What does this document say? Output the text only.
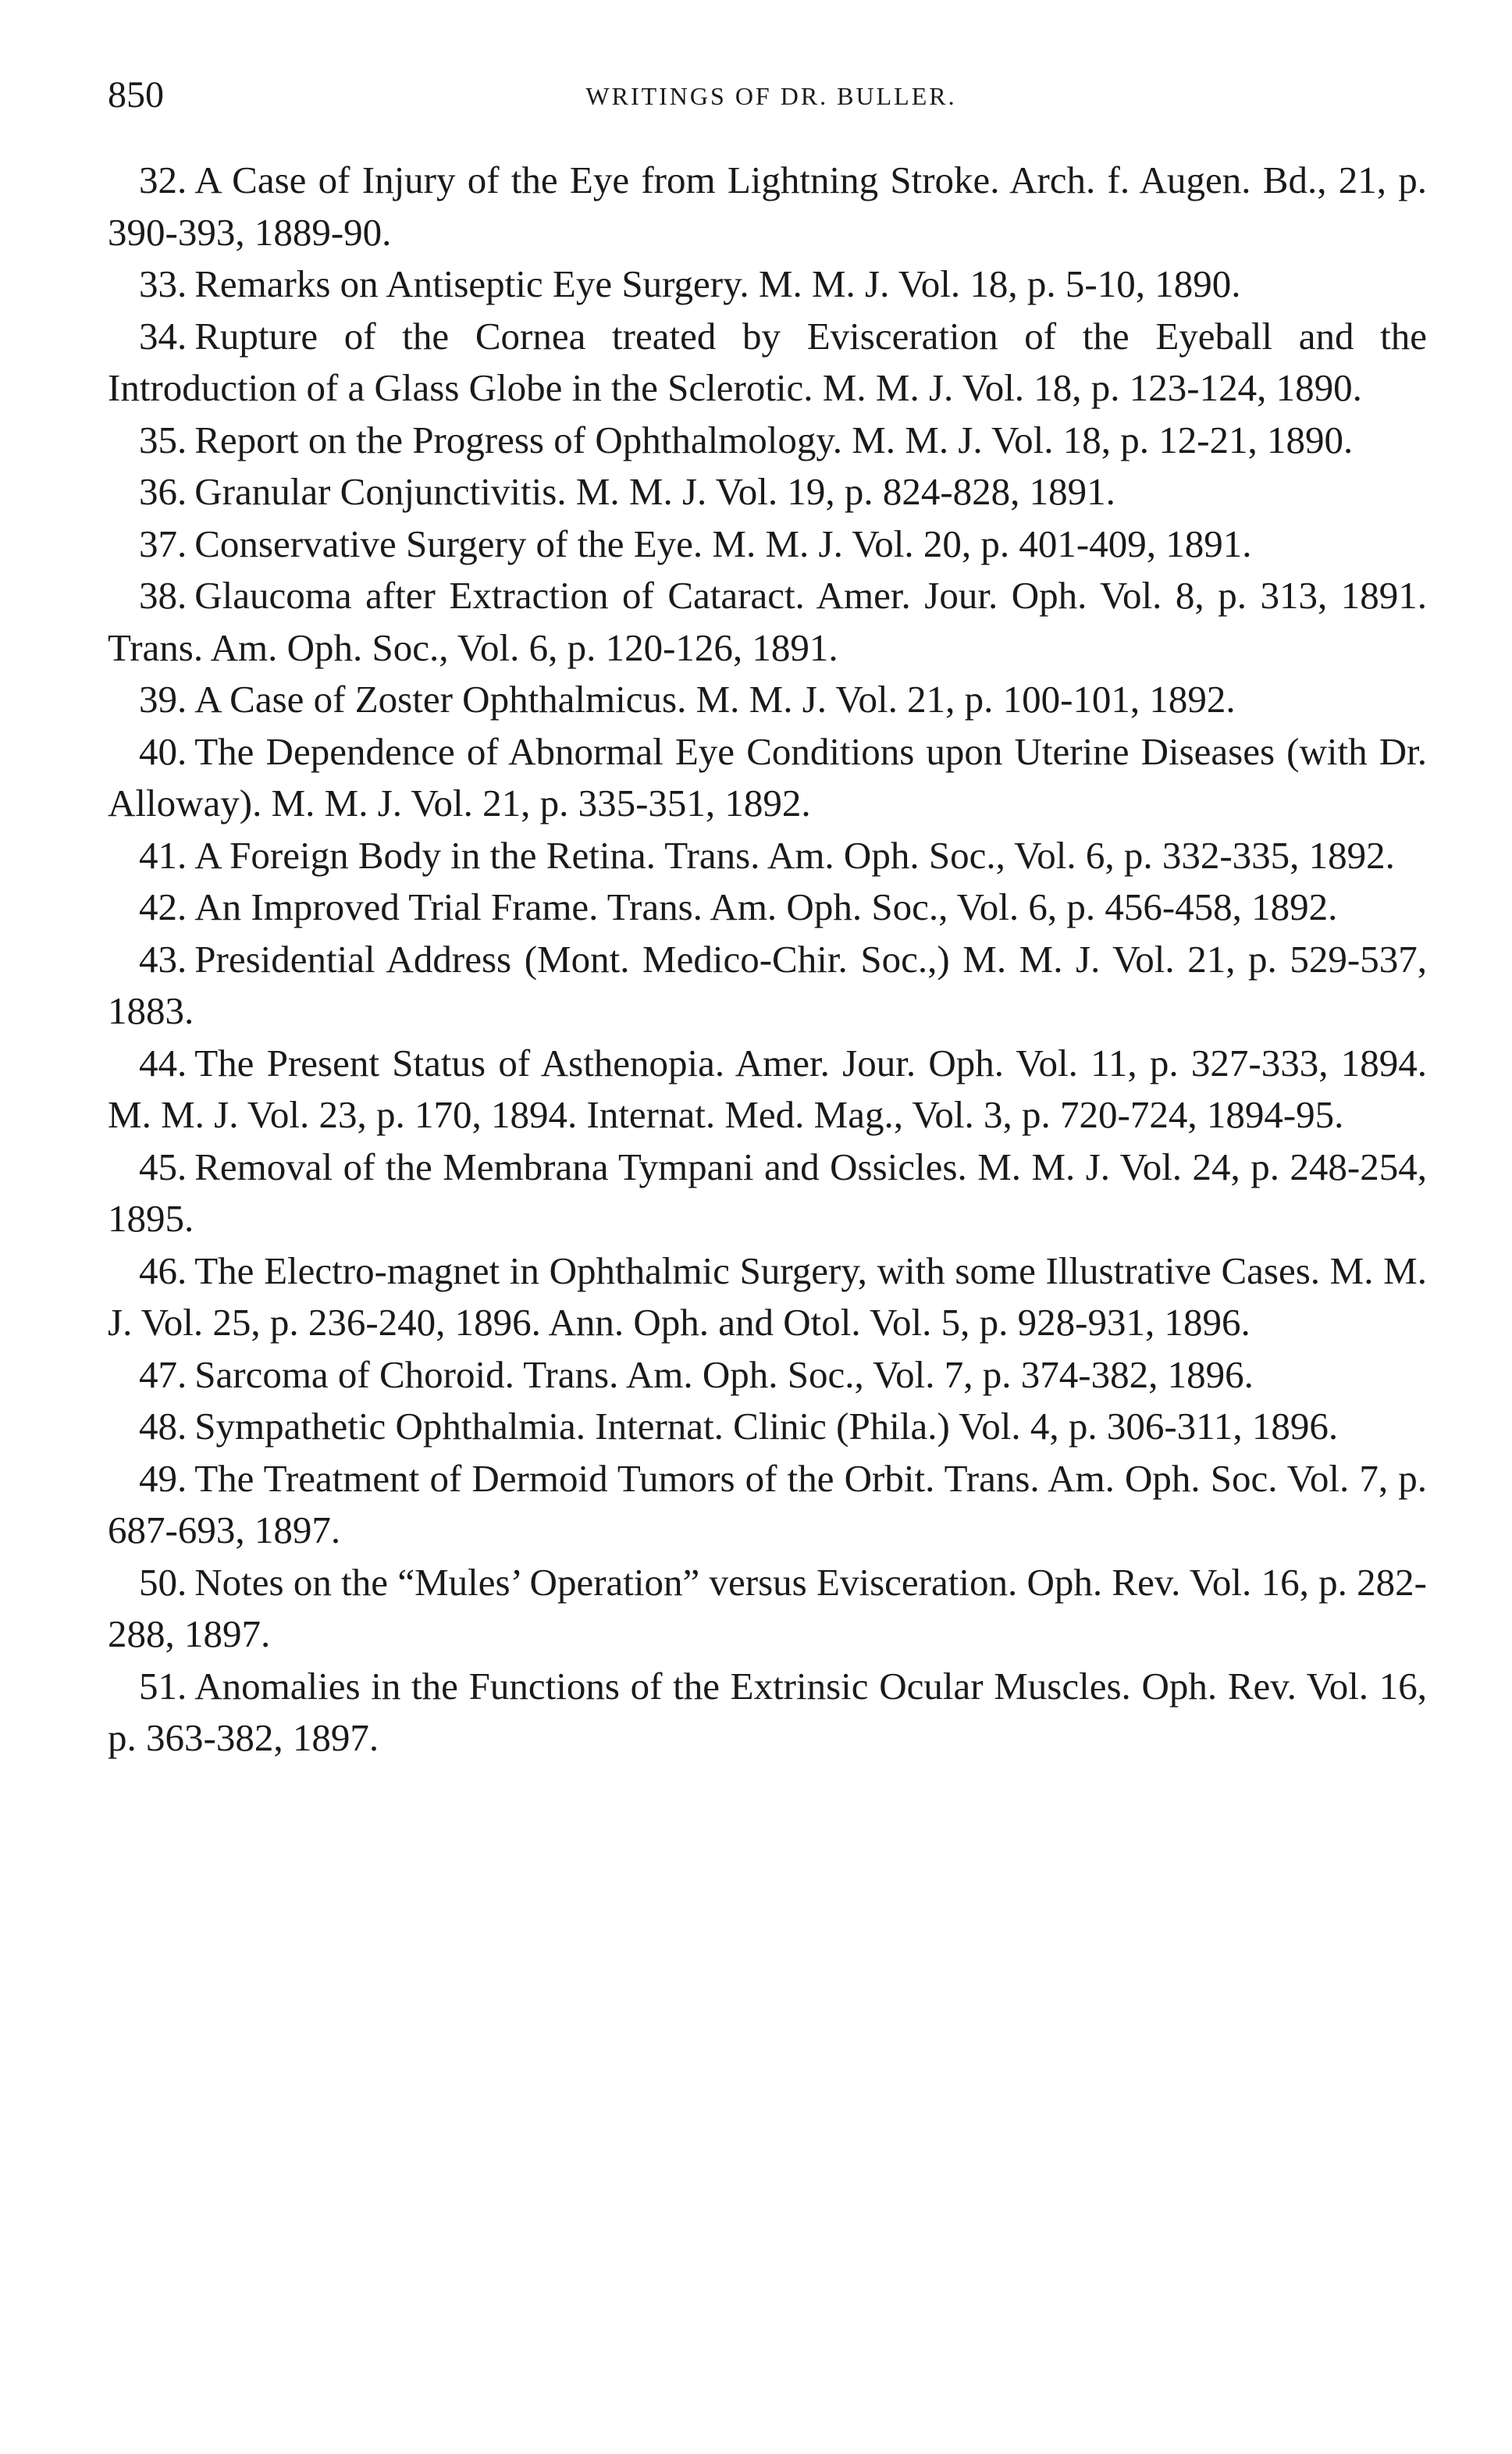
850	WRITINGS OF DR. BULLER.

32. A Case of Injury of the Eye from Lightning Stroke. Arch. f. Augen. Bd., 21, p. 390-393, 1889-90.

33. Remarks on Antiseptic Eye Surgery. M. M. J. Vol. 18, p. 5-10, 1890.

34. Rupture of the Cornea treated by Evisceration of the Eyeball and the Introduction of a Glass Globe in the Sclerotic. M. M. J. Vol. 18, p. 123-124, 1890.

35. Report on the Progress of Ophthalmology. M. M. J. Vol. 18, p. 12-21, 1890.

36. Granular Conjunctivitis. M. M. J. Vol. 19, p. 824-828, 1891.

37. Conservative Surgery of the Eye. M. M. J. Vol. 20, p. 401-409, 1891.

38. Glaucoma after Extraction of Cataract. Amer. Jour. Oph. Vol. 8, p. 313, 1891. Trans. Am. Oph. Soc., Vol. 6, p. 120-126, 1891.

39. A Case of Zoster Ophthalmicus. M. M. J. Vol. 21, p. 100-101, 1892.

40. The Dependence of Abnormal Eye Conditions upon Uterine Diseases (with Dr. Alloway). M. M. J. Vol. 21, p. 335-351, 1892.

41. A Foreign Body in the Retina. Trans. Am. Oph. Soc., Vol. 6, p. 332-335, 1892.

42. An Improved Trial Frame. Trans. Am. Oph. Soc., Vol. 6, p. 456-458, 1892.

43. Presidential Address (Mont. Medico-Chir. Soc.,) M. M. J. Vol. 21, p. 529-537, 1883.

44. The Present Status of Asthenopia. Amer. Jour. Oph. Vol. 11, p. 327-333, 1894. M. M. J. Vol. 23, p. 170, 1894. Internat. Med. Mag., Vol. 3, p. 720-724, 1894-95.

45. Removal of the Membrana Tympani and Ossicles. M. M. J. Vol. 24, p. 248-254, 1895.

46. The Electro-magnet in Ophthalmic Surgery, with some Illustrative Cases. M. M. J. Vol. 25, p. 236-240, 1896. Ann. Oph. and Otol. Vol. 5, p. 928-931, 1896.

47. Sarcoma of Choroid. Trans. Am. Oph. Soc., Vol. 7, p. 374-382, 1896.

48. Sympathetic Ophthalmia. Internat. Clinic (Phila.) Vol. 4, p. 306-311, 1896.

49. The Treatment of Dermoid Tumors of the Orbit. Trans. Am. Oph. Soc. Vol. 7, p. 687-693, 1897.

50. Notes on the “Mules’ Operation” versus Evisceration. Oph. Rev. Vol. 16, p. 282-288, 1897.

51. Anomalies in the Functions of the Extrinsic Ocular Muscles. Oph. Rev. Vol. 16, p. 363-382, 1897.
